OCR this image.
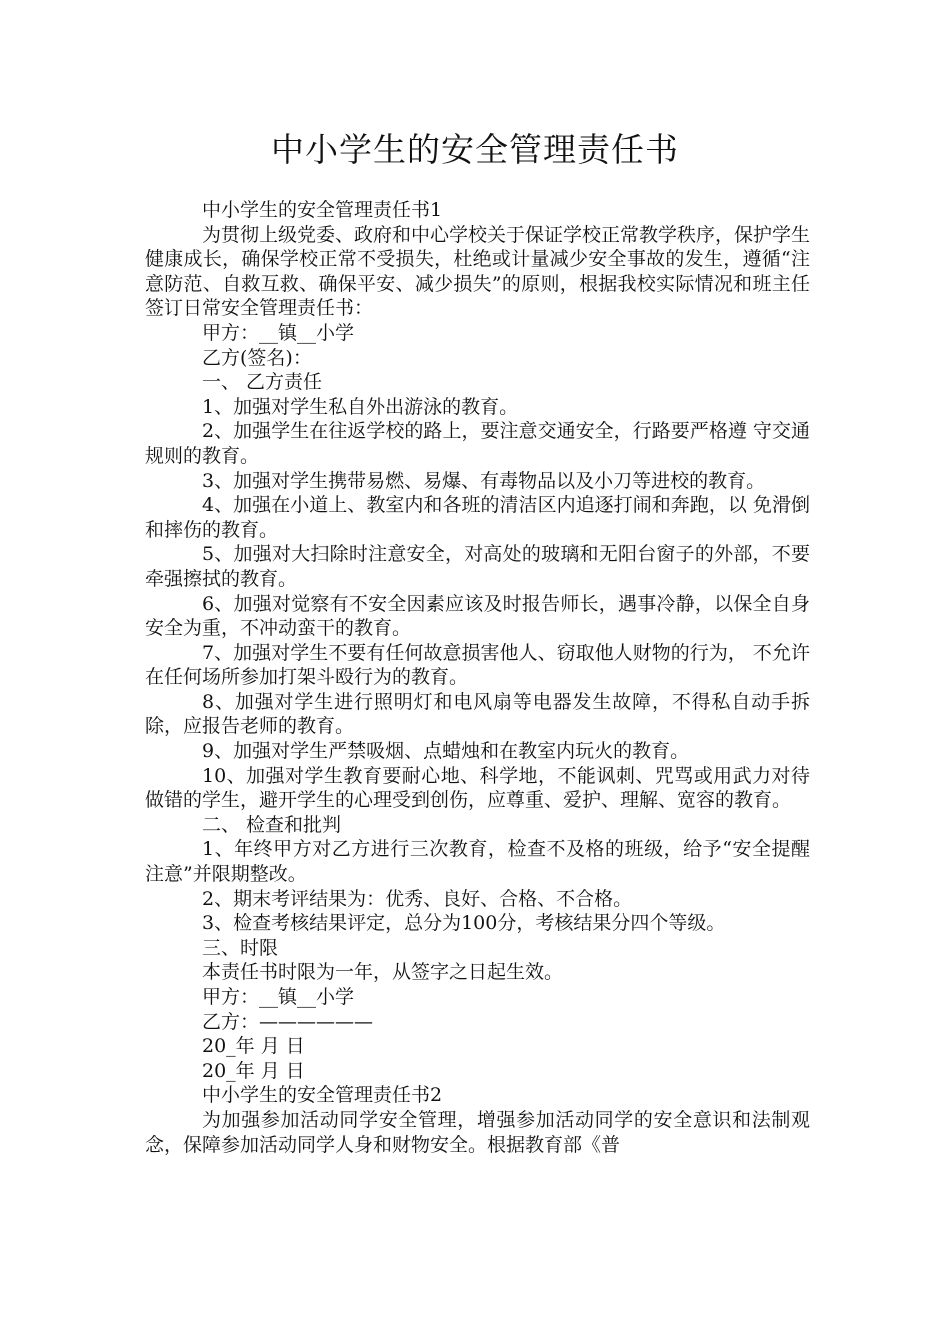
中小学生的安全管理责任书

中小学生的安全管理责任书1

为贯彻上级党委、政府和中心学校关于保证学校正常教学秩序，保护学生健康成长，确保学校正常不受损失，杜绝或计量减少安全事故的发生，遵循“注意防范、自救互救、确保平安、减少损失”的原则，根据我校实际情况和班主任签订日常安全管理责任书：

甲方：__镇__小学

乙方(签名)：

一、 乙方责任

1、加强对学生私自外出游泳的教育。

2、加强学生在往返学校的路上，要注意交通安全，行路要严格遵 守交通规则的教育。

3、加强对学生携带易燃、易爆、有毒物品以及小刀等进校的教育。

4、加强在小道上、教室内和各班的清洁区内追逐打闹和奔跑，以 免滑倒和摔伤的教育。

5、加强对大扫除时注意安全，对高处的玻璃和无阳台窗子的外部，不要牵强擦拭的教育。

6、加强对觉察有不安全因素应该及时报告师长，遇事冷静，以保全自身安全为重，不冲动蛮干的教育。

7、加强对学生不要有任何故意损害他人、窃取他人财物的行为， 不允许在任何场所参加打架斗殴行为的教育。

8、加强对学生进行照明灯和电风扇等电器发生故障，不得私自动手拆除，应报告老师的教育。

9、加强对学生严禁吸烟、点蜡烛和在教室内玩火的教育。

10、加强对学生教育要耐心地、科学地，不能讽刺、咒骂或用武力对待做错的学生，避开学生的心理受到创伤，应尊重、爱护、理解、宽容的教育。

二、 检查和批判

1、年终甲方对乙方进行三次教育，检查不及格的班级，给予“安全提醒注意”并限期整改。

2、期末考评结果为：优秀、良好、合格、不合格。

3、检查考核结果评定，总分为100分，考核结果分四个等级。

三、时限

本责任书时限为一年，从签字之日起生效。

甲方：__镇__小学

乙方：——————

20_年 月 日

20_年 月 日

中小学生的安全管理责任书2

为加强参加活动同学安全管理，增强参加活动同学的安全意识和法制观念，保障参加活动同学人身和财物安全。根据教育部《普
